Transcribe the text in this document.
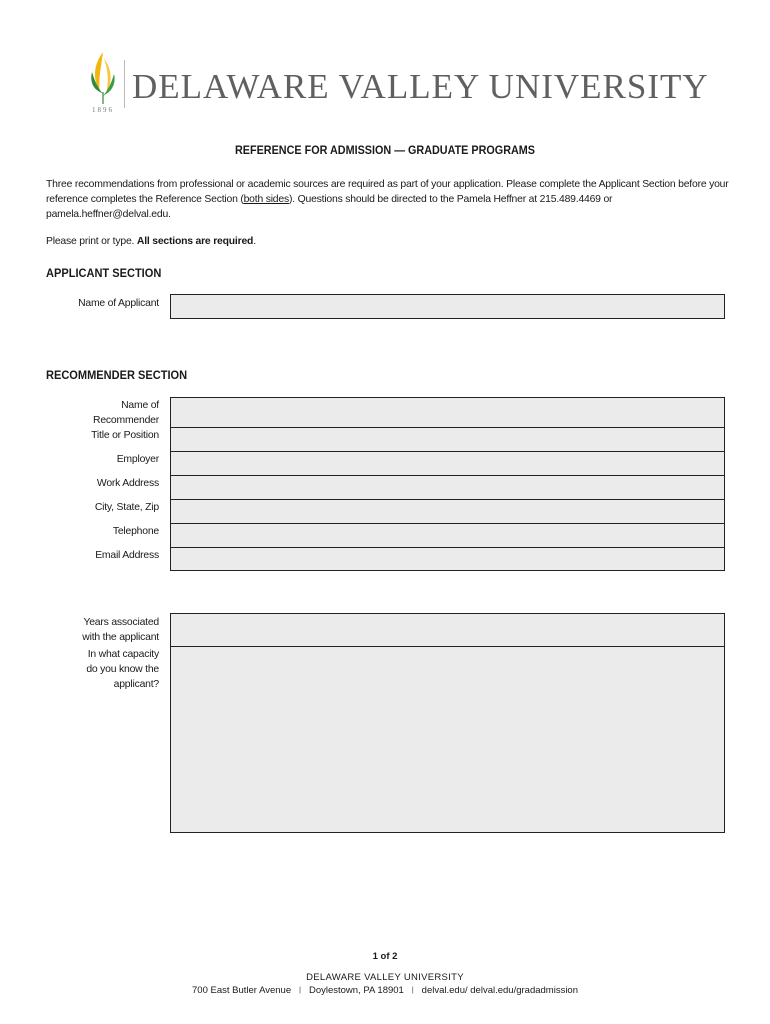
1896
DELAWARE VALLEY UNIVERSITY
REFERENCE FOR ADMISSION — GRADUATE PROGRAMS
Three recommendations from professional or academic sources are required as part of your application. Please complete the Applicant Section before your reference completes the Reference Section (both sides). Questions should be directed to the Pamela Heffner at 215.489.4469 or pamela.heffner@delval.edu.
Please print or type. All sections are required.
APPLICANT SECTION
Name of Applicant
RECOMMENDER SECTION
Name of
Recommender
Title or Position
Employer
Work Address
City, State, Zip
Telephone
Email Address
Years associated
with the applicant
In what capacity
do you know the
applicant?
1 of 2
DELAWARE VALLEY UNIVERSITY
700 East Butler Avenue | Doylestown, PA 18901 | delval.edu/ delval.edu/gradadmission
